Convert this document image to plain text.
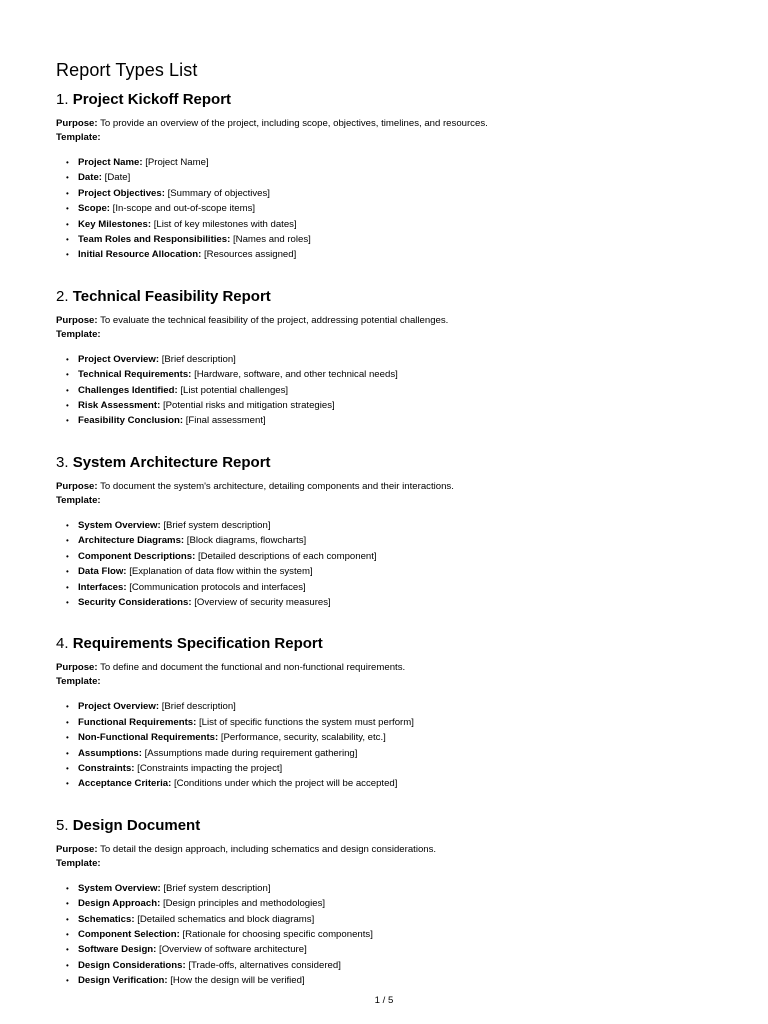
Report Types List
1. Project Kickoff Report

Purpose: To provide an overview of the project, including scope, objectives, timelines, and resources.

Template:

• Project Name: [Project Name]
• Date: [Date]
• Project Objectives: [Summary of objectives]
• Scope: [In-scope and out-of-scope items]
• Key Milestones: [List of key milestones with dates]
• Team Roles and Responsibilities: [Names and roles]
• Initial Resource Allocation: [Resources assigned]
2. Technical Feasibility Report

Purpose: To evaluate the technical feasibility of the project, addressing potential challenges.

Template:

• Project Overview: [Brief description]
• Technical Requirements: [Hardware, software, and other technical needs]
• Challenges Identified: [List potential challenges]
• Risk Assessment: [Potential risks and mitigation strategies]
• Feasibility Conclusion: [Final assessment]
3. System Architecture Report

Purpose: To document the system's architecture, detailing components and their interactions.

Template:

• System Overview: [Brief system description]
• Architecture Diagrams: [Block diagrams, flowcharts]
• Component Descriptions: [Detailed descriptions of each component]
• Data Flow: [Explanation of data flow within the system]
• Interfaces: [Communication protocols and interfaces]
• Security Considerations: [Overview of security measures]
4. Requirements Specification Report

Purpose: To define and document the functional and non-functional requirements.

Template:

• Project Overview: [Brief description]
• Functional Requirements: [List of specific functions the system must perform]
• Non-Functional Requirements: [Performance, security, scalability, etc.]
• Assumptions: [Assumptions made during requirement gathering]
• Constraints: [Constraints impacting the project]
• Acceptance Criteria: [Conditions under which the project will be accepted]
5. Design Document

Purpose: To detail the design approach, including schematics and design considerations.

Template:

• System Overview: [Brief system description]
• Design Approach: [Design principles and methodologies]
• Schematics: [Detailed schematics and block diagrams]
• Component Selection: [Rationale for choosing specific components]
• Software Design: [Overview of software architecture]
• Design Considerations: [Trade-offs, alternatives considered]
• Design Verification: [How the design will be verified]
1 / 5
